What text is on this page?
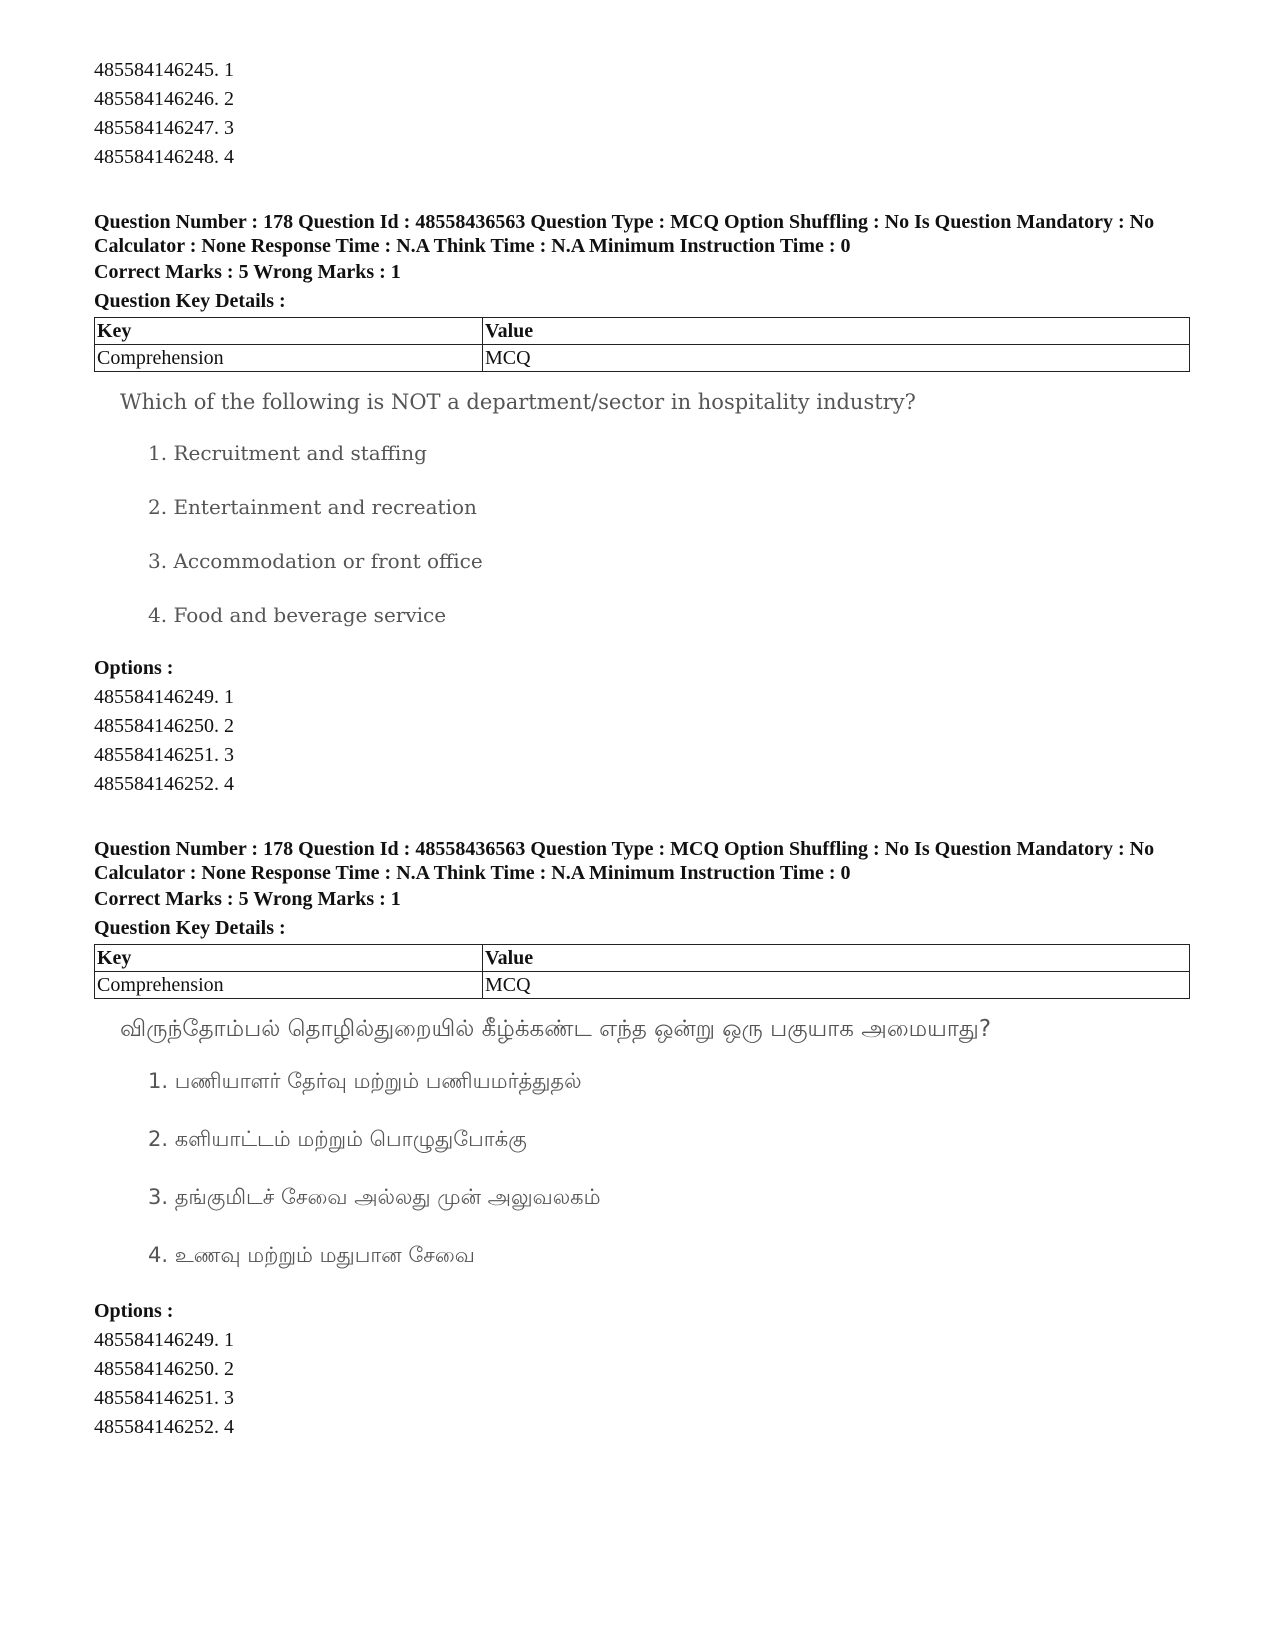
485584146245. 1

485584146246. 2

485584146247. 3

485584146248. 4

Question Number : 178 Question Id : 48558436563 Question Type : MCQ Option Shuffling : No Is Question Mandatory : No Calculator : None Response Time : N.A Think Time : N.A Minimum Instruction Time : 0

Correct Marks : 5 Wrong Marks : 1

Question Key Details :

Key	Value
Comprehension	MCQ

Which of the following is NOT a department/sector in hospitality industry?

1. Recruitment and staffing

2. Entertainment and recreation

3. Accommodation or front office

4. Food and beverage service

Options :

485584146249. 1

485584146250. 2

485584146251. 3

485584146252. 4

Question Number : 178 Question Id : 48558436563 Question Type : MCQ Option Shuffling : No Is Question Mandatory : No Calculator : None Response Time : N.A Think Time : N.A Minimum Instruction Time : 0

Correct Marks : 5 Wrong Marks : 1

Question Key Details :

Key	Value
Comprehension	MCQ

விருந்தோம்பல் தொழில்துறையில் கீழ்க்கண்ட எந்த ஒன்று ஒரு பகுயாக அமையாது?

1. பணியாளர் தேர்வு மற்றும் பணியமர்த்துதல்

2. களியாட்டம் மற்றும் பொழுதுபோக்கு

3. தங்குமிடச் சேவை அல்லது முன் அலுவலகம்

4. உணவு மற்றும் மதுபான சேவை

Options :

485584146249. 1

485584146250. 2

485584146251. 3

485584146252. 4
